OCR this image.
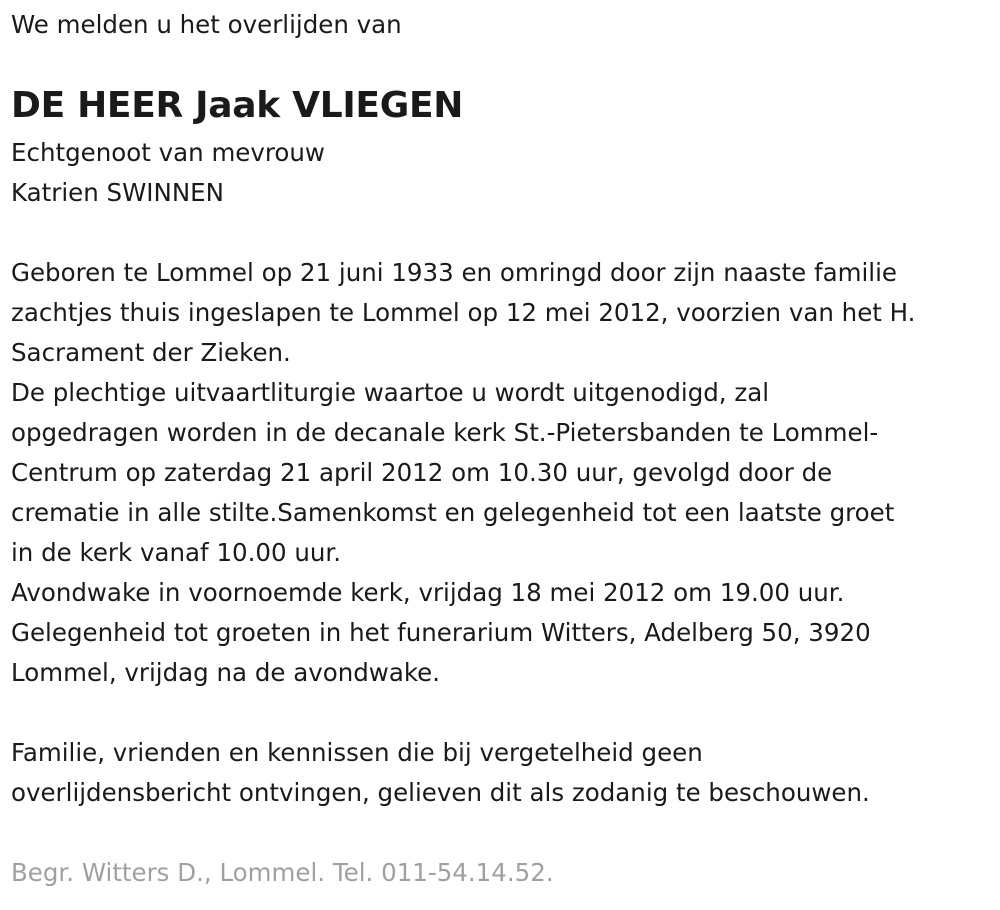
We melden u het overlijden van
DE HEER Jaak VLIEGEN
Echtgenoot van mevrouw
Katrien SWINNEN
Geboren te Lommel op 21 juni 1933 en omringd door zijn naaste familie
zachtjes thuis ingeslapen te Lommel op 12 mei 2012, voorzien van het H.
Sacrament der Zieken.
De plechtige uitvaartliturgie waartoe u wordt uitgenodigd, zal
opgedragen worden in de decanale kerk St.-Pietersbanden te Lommel-
Centrum op zaterdag 21 april 2012 om 10.30 uur, gevolgd door de
crematie in alle stilte.Samenkomst en gelegenheid tot een laatste groet
in de kerk vanaf 10.00 uur.
Avondwake in voornoemde kerk, vrijdag 18 mei 2012 om 19.00 uur.
Gelegenheid tot groeten in het funerarium Witters, Adelberg 50, 3920
Lommel, vrijdag na de avondwake.
Familie, vrienden en kennissen die bij vergetelheid geen
overlijdensbericht ontvingen, gelieven dit als zodanig te beschouwen.
Begr. Witters D., Lommel. Tel. 011-54.14.52.
